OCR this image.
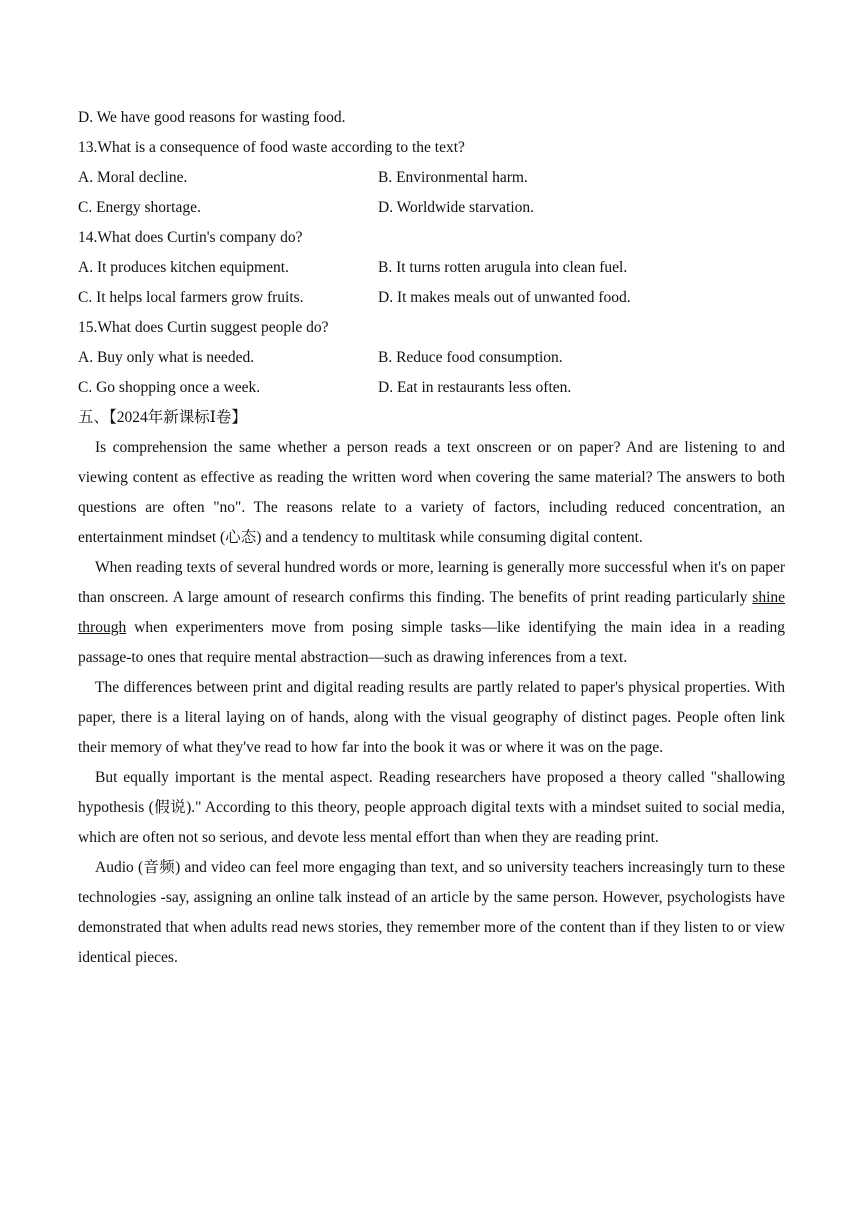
D. We have good reasons for wasting food.
13.What is a consequence of food waste according to the text?
A. Moral decline.	B. Environmental harm.
C. Energy shortage.	D. Worldwide starvation.
14.What does Curtin's company do?
A. It produces kitchen equipment.	B. It turns rotten arugula into clean fuel.
C. It helps local farmers grow fruits.	D. It makes meals out of unwanted food.
15.What does Curtin suggest people do?
A. Buy only what is needed.	B. Reduce food consumption.
C. Go shopping once a week.	D. Eat in restaurants less often.
五、【2024年新课标Ⅰ卷】

Is comprehension the same whether a person reads a text onscreen or on paper? And are listening to and viewing content as effective as reading the written word when covering the same material? The answers to both questions are often "no". The reasons relate to a variety of factors, including reduced concentration, an entertainment mindset (心态) and a tendency to multitask while consuming digital content.

When reading texts of several hundred words or more, learning is generally more successful when it's on paper than onscreen. A large amount of research confirms this finding. The benefits of print reading particularly shine through when experimenters move from posing simple tasks—like identifying the main idea in a reading passage-to ones that require mental abstraction—such as drawing inferences from a text.

The differences between print and digital reading results are partly related to paper's physical properties. With paper, there is a literal laying on of hands, along with the visual geography of distinct pages. People often link their memory of what they've read to how far into the book it was or where it was on the page.

But equally important is the mental aspect. Reading researchers have proposed a theory called "shallowing hypothesis (假说)." According to this theory, people approach digital texts with a mindset suited to social media, which are often not so serious, and devote less mental effort than when they are reading print.

Audio (音频) and video can feel more engaging than text, and so university teachers increasingly turn to these technologies -say, assigning an online talk instead of an article by the same person. However, psychologists have demonstrated that when adults read news stories, they remember more of the content than if they listen to or view identical pieces.
